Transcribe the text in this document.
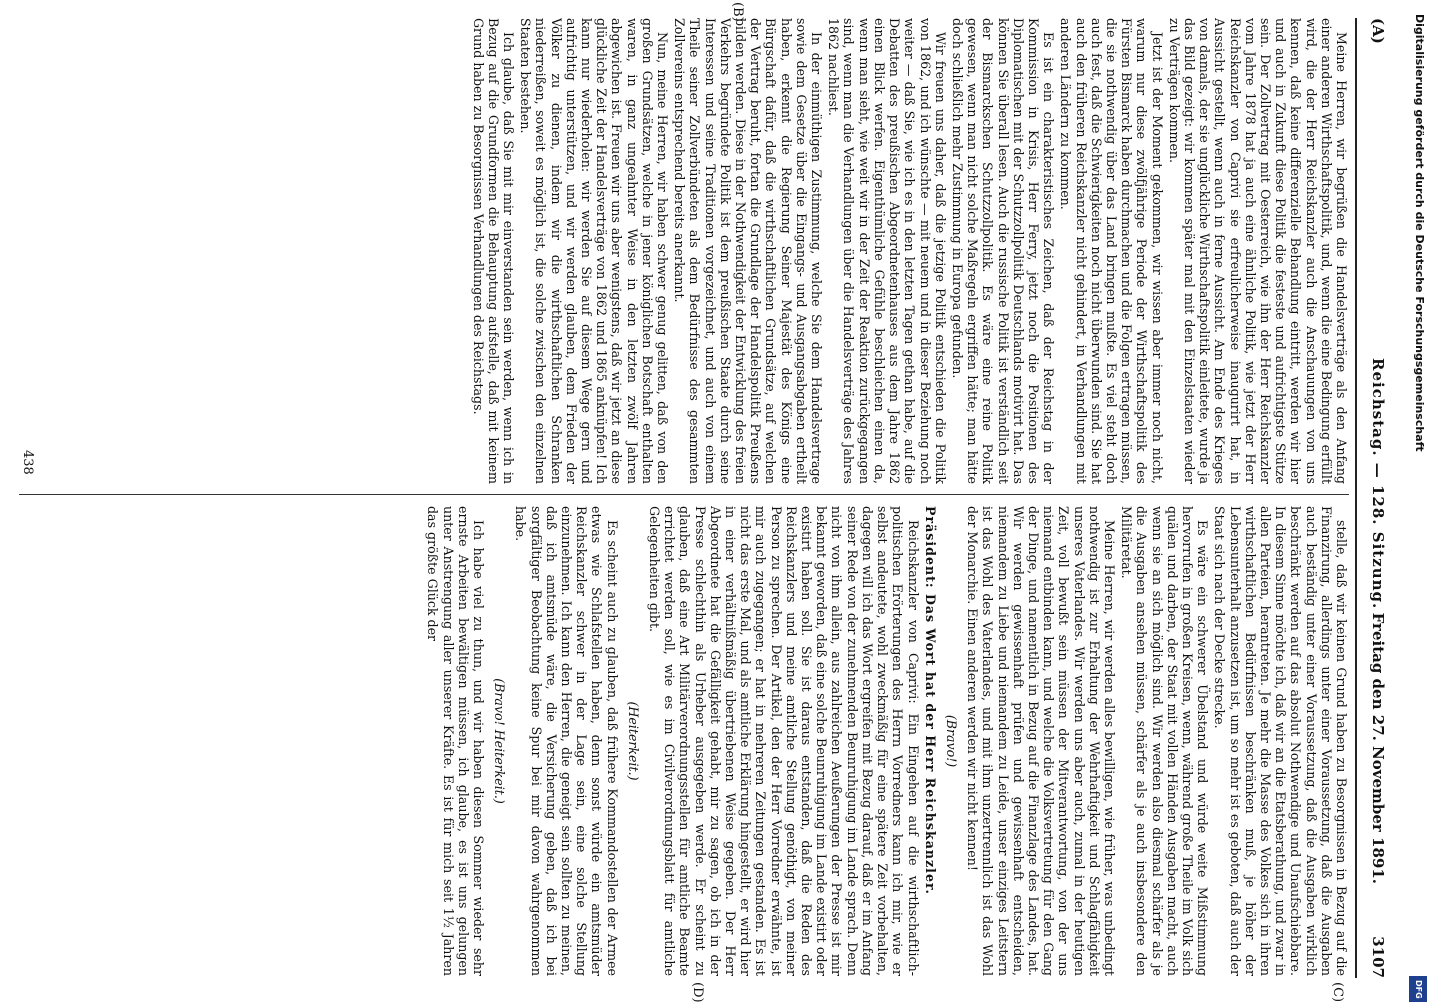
(A)
Reichstag. — 128. Sitzung.
Freitag den 27. November 1891.          3107

Meine Herren, wir begrüßen die Handelsverträge als den Anfang einer anderen Wirthschaftspolitik, und, wenn die eine Bedingung erfüllt wird, die der Herr Reichskanzler auch die Anschauungen von uns kennen, daß keine differenzielle Behandlung eintritt, werden wir hier und auch in Zukunft diese Politik die festeste und aufrichtigste Stütze sein. Der Zollvertrag mit Oesterreich, wie ihn der Herr Reichskanzler vom Jahre 1878 hat ja auch eine ähnliche Politik, wie jetzt der Herr Reichskanzler von Caprivi sie erfreulicherweise inaugurirt hat, in Aussicht gestellt, wenn auch in ferne Aussicht. Am Ende des Krieges von damals, der sie unglückliche Wirthschaftspolitik einleitete, wurde ja das Bild gezeigt: wir kommen später mal mit den Einzelstaaten wieder zu Verträgen kommen.

Jetzt ist der Moment gekommen, wir wissen aber immer noch nicht, warum nur diese zwölfjährige Periode der Wirthschaftspolitik des Fürsten Bismarck haben durchmachen und die Folgen ertragen müssen, die sie nothwendig über das Land bringen mußte. Es viel steht doch auch fest, daß die Schwierigkeiten noch nicht überwunden sind. Sie hat auch den früheren Reichskanzler nicht gehindert, in Verhandlungen mit anderen Ländern zu kommen.

Es ist ein charakteristisches Zeichen, daß der Reichstag in der Kommission in Krisis, Herr Ferry, jetzt noch die Positionen des Diplomatischen mit der Schutzzollpolitik Deutschlands motivirt hat. Das können Sie überall lesen. Auch die russische Politik ist verständlich seit der Bismarckschen Schutzzollpolitik. Es wäre eine reine Politik gewesen, wenn man nicht solche Maßregeln ergriffen hätte; man hätte doch schließlich mehr Zustimmung in Europa gefunden.

Wir freuen uns daher, daß die jetzige Politik entschieden die Politik von 1862, und ich wünschte — mit neuem und in dieser Beziehung noch weiter — daß Sie, wie ich es in den letzten Tagen gethan habe, auf die Debatten des preußischen Abgeordnetenhauses aus dem Jahre 1862 einen Blick werfen. Eigenthümliche Gefühle beschleichen einen da, wenn man sieht, wie weit wir in der Zeit der Reaktion zurückgegangen sind, wenn man die Verhandlungen über die Handelsverträge des Jahres 1862 nachliest.

In der einmüthigen Zustimmung, welche Sie dem Handelsvertrage sowie dem Gesetze über die Eingangs- und Ausgangsabgaben ertheilt haben, erkennt die Regierung Seiner Majestät des Königs eine Bürgschaft dafür, daß die wirthschaftlichen Grundsätze, auf welchen der Vertrag beruht, fortan die Grundlage der Handelspolitik Preußens bilden werden. Diese in der Nothwendigkeit der Entwicklung des freien Verkehrs begründete Politik ist dem preußischen Staate durch seine Interessen und seine Traditionen vorgezeichnet, und auch von einem Theile seiner Zollverbündeten als dem Bedürfnisse des gesammten Zollvereins entsprechend bereits anerkannt.

Nun, meine Herren, wir haben schwer genug gelitten, daß von den großen Grundsätzen, welche in jener königlichen Botschaft enthalten waren, in ganz ungeahnter Weise in den letzten zwölf Jahren abgewichen ist. Freuen wir uns aber wenigstens, daß wir jetzt an diese glückliche Zeit der Handelsverträge von 1862 und 1865 anknüpfen! Ich kann nur wiederholen: wir werden Sie auf diesem Wege gern und aufrichtig unterstützen, und wir werden glauben, dem Frieden der Völker zu dienen, indem wir die wirthschaftlichen Schranken niederreißen, soweit es möglich ist, die solche zwischen den einzelnen Staaten bestehen.

Ich glaube, daß Sie mit mir einverstanden sein werden, wenn ich in Bezug auf die Grundformen die Behauptung aufstelle, daß mit keinem Grund haben zu Besorgnissen Verhandlungen des Reichstags.

stelle, daß wir keinen Grund haben zu Besorgnissen in Bezug auf die Finanzirung, allerdings unter einer Voraussetzung, daß die Ausgaben auch beständig unter einer Voraussetzung, daß die Ausgaben wirklich beschränkt werden auf das absolut Nothwendige und Unaufschiebbare. In diesem Sinne möchte ich, daß wir an die Etatsberathung, und zwar in allen Parteien, herantreten. Je mehr die Masse des Volkes sich in ihren wirthschaftlichen Bedürfnissen beschränken muß, je höher der Lebensunterhalt anzusetzen ist, um so mehr ist es geboten, daß auch der Staat sich nach der Decke strecke.

Es wäre ein schwerer Übelstand und würde weite Mißstimmung hervorrufen in großen Kreisen, wenn, während große Theile im Volk sich quälen und darben, der Staat mit vollen Händen Ausgaben macht, auch wenn sie an sich möglich sind. Wir werden also diesmal schärfer als je die Ausgaben ansehen müssen, schärfer als je auch insbesondere den Militäretat.

Meine Herren, wir werden alles bewilligen, wie früher, was unbedingt nothwendig ist zur Erhaltung der Wehrhaftigkeit und Schlagfähigkeit unseres Vaterlandes. Wir werden uns aber auch, zumal in der heutigen Zeit, voll bewußt sein müssen der Mitverantwortung, von der uns niemand entbinden kann, und welche die Volksvertretung für den Gang der Dinge, und namentlich in Bezug auf die Finanzlage des Landes, hat. Wir werden gewissenhaft prüfen und gewissenhaft entscheiden, niemandem zu Liebe und niemandem zu Leide, unser einziges Leitstern ist das Wohl des Vaterlandes, und mit ihm unzertrennlich ist das Wohl der Monarchie. Einen anderen werden wir nicht kennen!

(Bravo!)

Präsident: Das Wort hat der Herr Reichskanzler.

Reichskanzler von Caprivi: Ein Eingehen auf die wirthschaftlich-politischen Erörterungen des Herrn Vorredners kann ich mir, wie er selbst andeutete, wohl zweckmäßig für eine spätere Zeit vorbehalten, dagegen will ich das Wort ergreifen mit Bezug darauf, daß er im Anfang seiner Rede von der zunehmenden Beunruhigung im Lande sprach. Denn nicht von ihm allein, aus zahlreichen Aeußerungen der Presse ist mir bekannt geworden, daß eine solche Beunruhigung im Lande existirt oder existirt haben soll. Sie ist daraus entstanden, daß die Reden des Reichskanzlers und meine amtliche Stellung genöthigt, von meiner Person zu sprechen. Der Artikel, den der Herr Vorredner erwähnte, ist mir auch zugegangen; er hat in mehreren Zeitungen gestanden. Es ist nicht das erste Mal, und als amtliche Erklärung hingestellt, er wird hier in einer verhältnißmäßig übertriebenen Weise gegeben. Der Herr Abgeordnete hat die Gefälligkeit gehabt, mir zu sagen, ob ich in der Presse schlechthin als Urheber ausgegeben werde. Er scheint zu glauben, daß eine Art Militärverordnungsstellen für amtliche Beamte errichtet werden soll, wie es im Civilverordnungsblatt für amtliche Gelegenheiten gibt.

(Heiterkeit.)

Es scheint auch zu glauben, daß frühere Kommandostellen der Armee etwas wie Schlafstellen haben, denn sonst würde ein amtsmüder Reichskanzler schwer in der Lage sein, eine solche Stellung einzunehmen. Ich kann den Herren, die geneigt sein sollten zu meinen, daß ich amtsmüde wäre, die Versicherung geben, daß ich bei sorgfältiger Beobachtung keine Spur bei mir davon wahrgenommen habe.

(Bravo! Heiterkeit.)

Ich habe viel zu thun, und wir haben diesen Sommer wieder sehr ernste Arbeiten bewältigen müssen, ich glaube, es ist uns gelungen unter Anstrengung aller unserer Kräfte. Es ist für mich seit 1½ Jahren das größte Glück der

(B)
(C)
(D)
438
Digitalisierung gefördert durch die Deutsche Forschungsgemeinschaft
DFG
